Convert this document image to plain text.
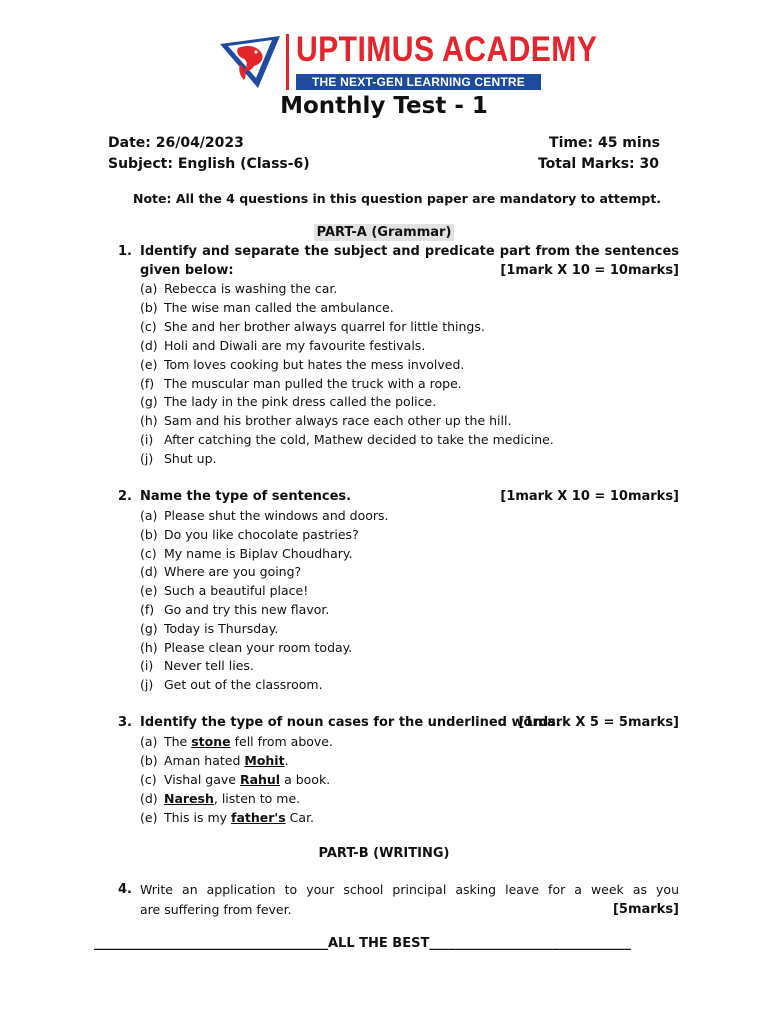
UPTIMUS ACADEMY
THE NEXT-GEN LEARNING CENTRE
Monthly Test - 1
Date: 26/04/2023	Time: 45 mins
Subject: English (Class-6)	Total Marks: 30
Note: All the 4 questions in this question paper are mandatory to attempt.
PART-A (Grammar)
1. Identify and separate the subject and predicate part from the sentences
given below:	[1mark X 10 = 10marks]
(a) Rebecca is washing the car.
(b) The wise man called the ambulance.
(c) She and her brother always quarrel for little things.
(d) Holi and Diwali are my favourite festivals.
(e) Tom loves cooking but hates the mess involved.
(f) The muscular man pulled the truck with a rope.
(g) The lady in the pink dress called the police.
(h) Sam and his brother always race each other up the hill.
(i) After catching the cold, Mathew decided to take the medicine.
(j) Shut up.
2. Name the type of sentences.	[1mark X 10 = 10marks]
(a) Please shut the windows and doors.
(b) Do you like chocolate pastries?
(c) My name is Biplav Choudhary.
(d) Where are you going?
(e) Such a beautiful place!
(f) Go and try this new flavor.
(g) Today is Thursday.
(h) Please clean your room today.
(i) Never tell lies.
(j) Get out of the classroom.
3. Identify the type of noun cases for the underlined words.
[1mark X 5 = 5marks]
(a) The stone fell from above.
(b) Aman hated Mohit.
(c) Vishal gave Rahul a book.
(d) Naresh, listen to me.
(e) This is my father's Car.
PART-B (WRITING)
4. Write an application to your school principal asking leave for a week as you
are suffering from fever.	[5marks]
____________________________________ALL THE BEST_______________________________
